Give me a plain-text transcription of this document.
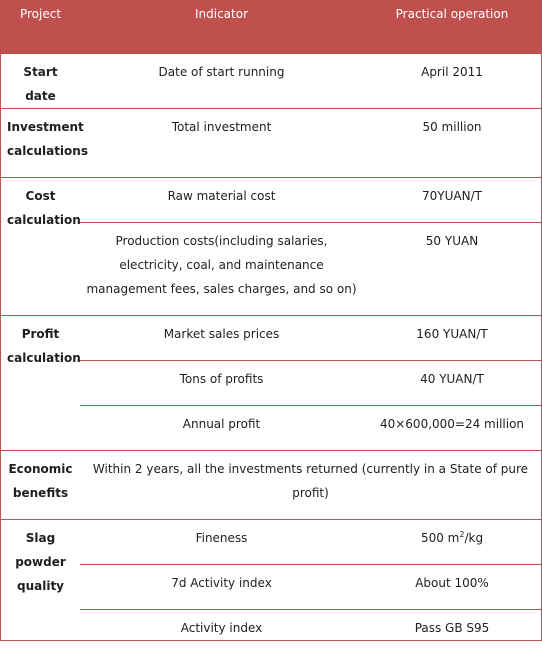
Project	Indicator	Practical operation
Start date	Date of start running	April 2011
Investment calculations	Total investment	50 million
Cost calculation	Raw material cost	70YUAN/T
	Production costs(including salaries, electricity, coal, and maintenance management fees, sales charges, and so on)	50 YUAN
Profit calculation	Market sales prices	160 YUAN/T
	Tons of profits	40 YUAN/T
	Annual profit	40×600,000=24 million
Economic benefits	Within 2 years, all the investments returned (currently in a State of pure profit)	
Slag powder quality	Fineness	500 $m^2/kg$
	7d Activity index	About 100%
	Activity index	Pass GB S95
